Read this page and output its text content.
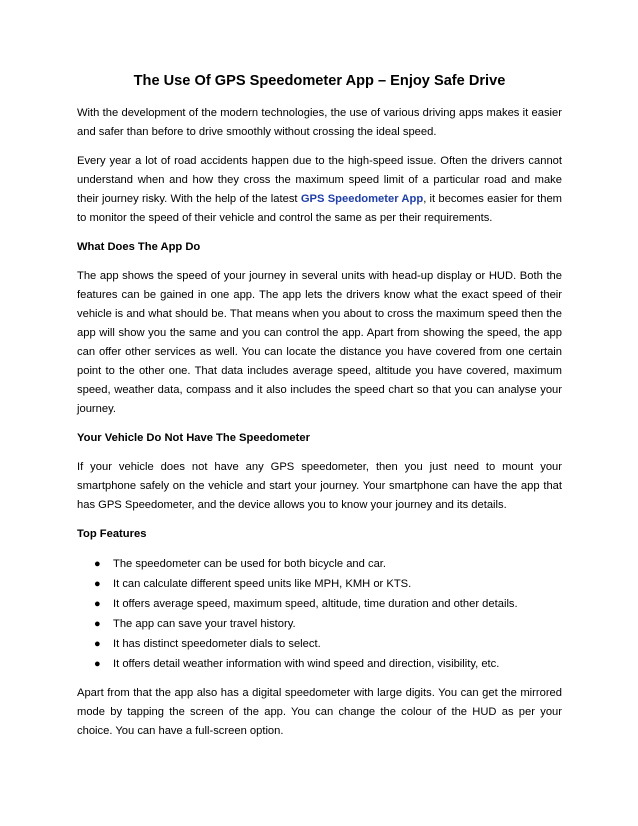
The Use Of GPS Speedometer App – Enjoy Safe Drive

With the development of the modern technologies, the use of various driving apps makes it easier and safer than before to drive smoothly without crossing the ideal speed.

Every year a lot of road accidents happen due to the high-speed issue. Often the drivers cannot understand when and how they cross the maximum speed limit of a particular road and make their journey risky. With the help of the latest GPS Speedometer App, it becomes easier for them to monitor the speed of their vehicle and control the same as per their requirements.

What Does The App Do

The app shows the speed of your journey in several units with head-up display or HUD. Both the features can be gained in one app. The app lets the drivers know what the exact speed of their vehicle is and what should be. That means when you about to cross the maximum speed then the app will show you the same and you can control the app. Apart from showing the speed, the app can offer other services as well. You can locate the distance you have covered from one certain point to the other one. That data includes average speed, altitude you have covered, maximum speed, weather data, compass and it also includes the speed chart so that you can analyse your journey.

Your Vehicle Do Not Have The Speedometer

If your vehicle does not have any GPS speedometer, then you just need to mount your smartphone safely on the vehicle and start your journey. Your smartphone can have the app that has GPS Speedometer, and the device allows you to know your journey and its details.

Top Features
● The speedometer can be used for both bicycle and car.
● It can calculate different speed units like MPH, KMH or KTS.
● It offers average speed, maximum speed, altitude, time duration and other details.
● The app can save your travel history.
● It has distinct speedometer dials to select.
● It offers detail weather information with wind speed and direction, visibility, etc.

Apart from that the app also has a digital speedometer with large digits. You can get the mirrored mode by tapping the screen of the app. You can change the colour of the HUD as per your choice. You can have a full-screen option.
